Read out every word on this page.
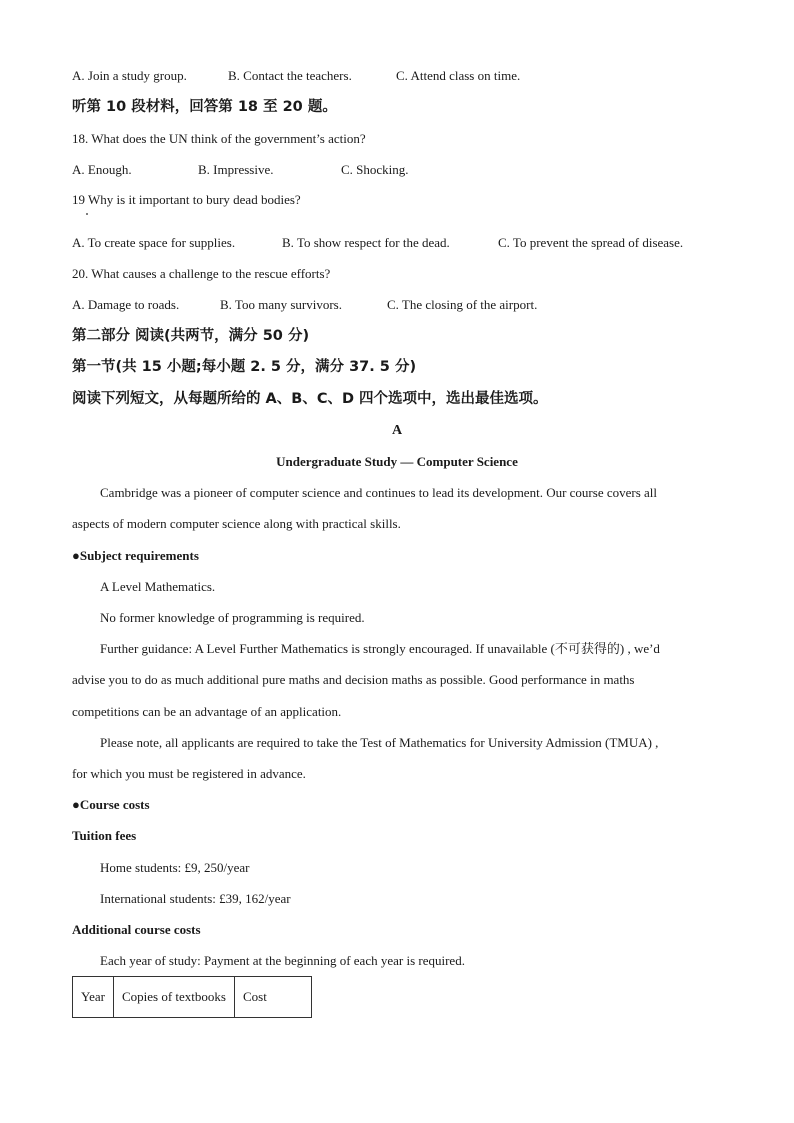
A. Join a study group.	B. Contact the teachers.	C. Attend class on time.
听第 10 段材料，回答第 18 至 20 题。
18. What does the UN think of the government’s action?
A. Enough.	B. Impressive.	C. Shocking.
19 Why is it important to bury dead bodies?
A. To create space for supplies.	B. To show respect for the dead.	C. To prevent the spread of disease.
20. What causes a challenge to the rescue efforts?
A. Damage to roads.	B. Too many survivors.	C. The closing of the airport.
第二部分 阅读(共两节，满分 50 分)
第一节(共 15 小题;每小题 2. 5 分，满分 37. 5 分)
阅读下列短文，从每题所给的 A、B、C、D 四个选项中，选出最佳选项。
A
Undergraduate Study — Computer Science
Cambridge was a pioneer of computer science and continues to lead its development. Our course covers all
aspects of modern computer science along with practical skills.
●Subject requirements
A Level Mathematics.
No former knowledge of programming is required.
Further guidance: A Level Further Mathematics is strongly encouraged. If unavailable (不可获得的) , we’d
advise you to do as much additional pure maths and decision maths as possible. Good performance in maths
competitions can be an advantage of an application.
Please note, all applicants are required to take the Test of Mathematics for University Admission (TMUA) ,
for which you must be registered in advance.
●Course costs
Tuition fees
Home students: £9, 250/year
International students: £39, 162/year
Additional course costs
Each year of study: Payment at the beginning of each year is required.
Year	Copies of textbooks	Cost
